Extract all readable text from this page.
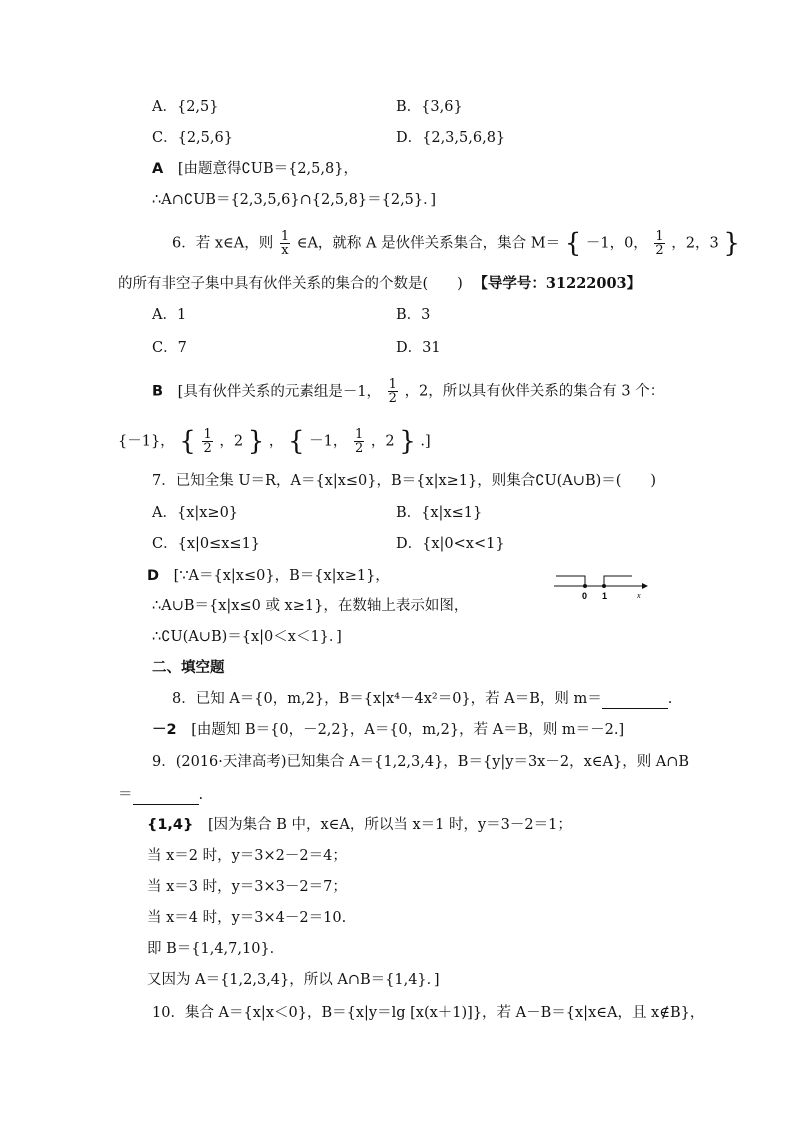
A．{2,5}	B．{3,6}
C．{2,5,6}	D．{2,3,5,6,8}
A [由题意得∁UB＝{2,5,8}，
∴A∩∁UB＝{2,3,5,6}∩{2,5,8}＝{2,5}．]
6．若 x∈A，则 $\frac{1}{x}$ ∈A，就称 A 是伙伴关系集合，集合 M＝ { －1，0， $\frac{1}{2}$ ，2，3 }
的所有非空子集中具有伙伴关系的集合的个数是(　　) 【导学号：31222003】
A．1	B．3
C．7	D．31
B [具有伙伴关系的元素组是－1， $\frac{1}{2}$ ，2，所以具有伙伴关系的集合有 3 个：
{－1}， { $\frac{1}{2}$ ，2 } ， { －1， $\frac{1}{2}$ ，2 } .]
7．已知全集 U＝R，A＝{x|x≤0}，B＝{x|x≥1}，则集合∁U(A∪B)＝(　　)
A．{x|x≥0}	B．{x|x≤1}
C．{x|0≤x≤1}	D．{x|0<x<1}
D [∵A＝{x|x≤0}，B＝{x|x≥1}，
∴A∪B＝{x|x≤0 或 x≥1}，在数轴上表示如图，
∴∁U(A∪B)＝{x|0＜x＜1}．]
0 1	x
二、填空题
8．已知 A＝{0，m,2}，B＝{x|x⁴－4x²＝0}，若 A＝B，则 m＝	.
－2 [由题知 B＝{0，－2,2}，A＝{0，m,2}，若 A＝B，则 m＝－2.]
9．(2016·天津高考)已知集合 A＝{1,2,3,4}，B＝{y|y＝3x－2，x∈A}，则 A∩B
＝	.
{1,4} [因为集合 B 中，x∈A，所以当 x＝1 时，y＝3－2＝1；
当 x＝2 时，y＝3×2－2＝4；
当 x＝3 时，y＝3×3－2＝7；
当 x＝4 时，y＝3×4－2＝10.
即 B＝{1,4,7,10}．
又因为 A＝{1,2,3,4}，所以 A∩B＝{1,4}．]
10．集合 A＝{x|x＜0}，B＝{x|y＝lg [x(x＋1)]}，若 A－B＝{x|x∈A，且 x∉B}，
